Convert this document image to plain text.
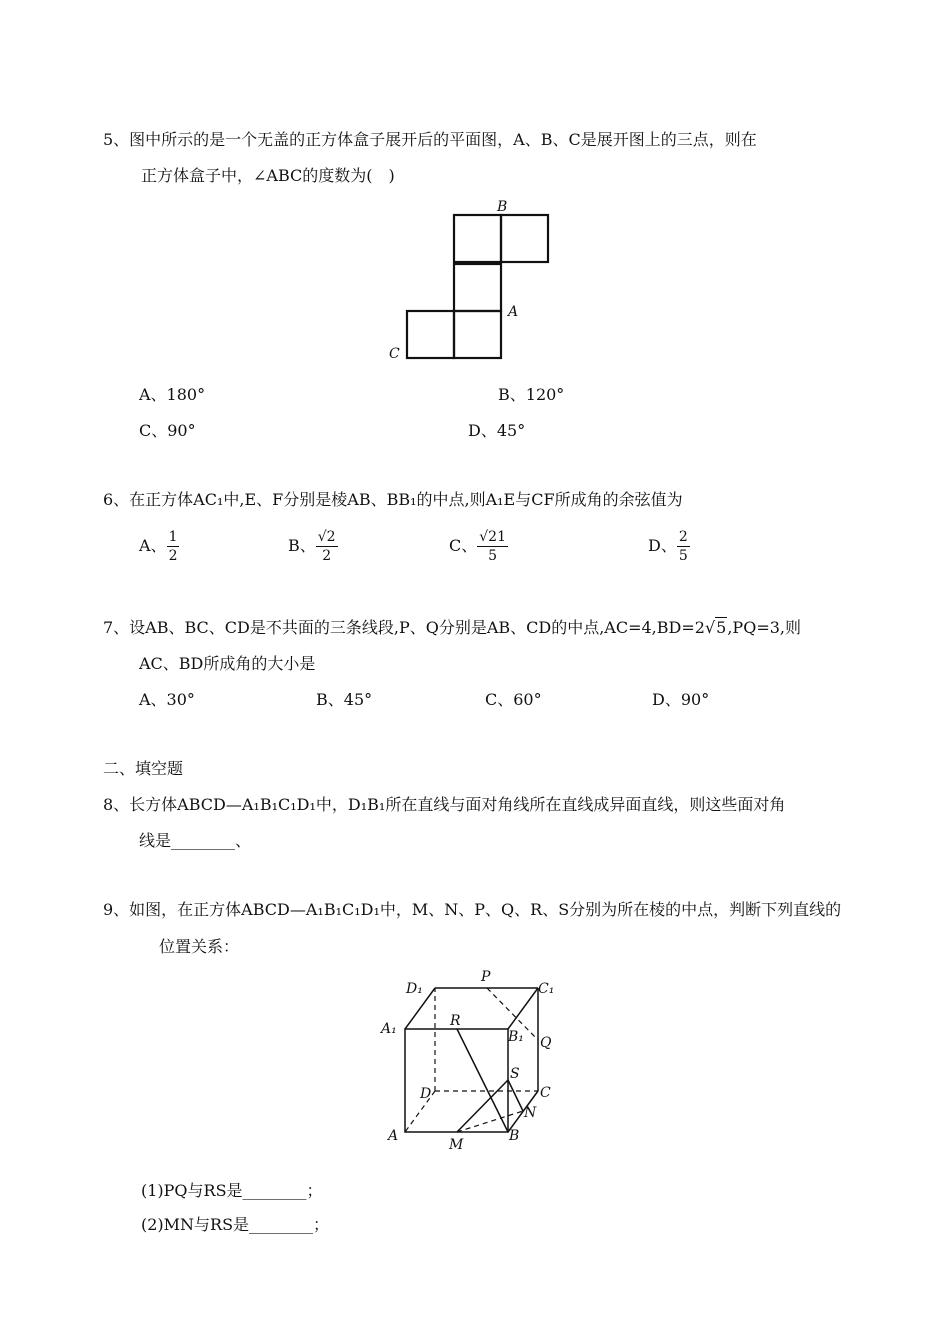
5、图中所示的是一个无盖的正方体盒子展开后的平面图，A、B、C是展开图上的三点，则在
正方体盒子中，∠ABC的度数为(　)
B
A
C
A、180°	B、120°
C、90°	D、45°
6、在正方体AC₁中,E、F分别是棱AB、BB₁的中点,则A₁E与CF所成角的余弦值为
A、 $\frac{1}{2}$	B、 $\frac{√2}{2}$	C、 $\frac{√21}{5}$	D、 $\frac{2}{5}$
7、设AB、BC、CD是不共面的三条线段,P、Q分别是AB、CD的中点,AC=4,BD=2√5,PQ=3,则
AC、BD所成角的大小是
A、30°	B、45°	C、60°	D、90°
二、填空题
8、长方体ABCD—A₁B₁C₁D₁中，D₁B₁所在直线与面对角线所在直线成异面直线，则这些面对角
线是________、
9、如图，在正方体ABCD—A₁B₁C₁D₁中，M、N、P、Q、R、S分别为所在棱的中点，判断下列直线的
位置关系：
D₁
P
C₁
A₁	R
B₁ Q
S
D	C
N
A
M
B
(1)PQ与RS是________；
(2)MN与RS是________；
